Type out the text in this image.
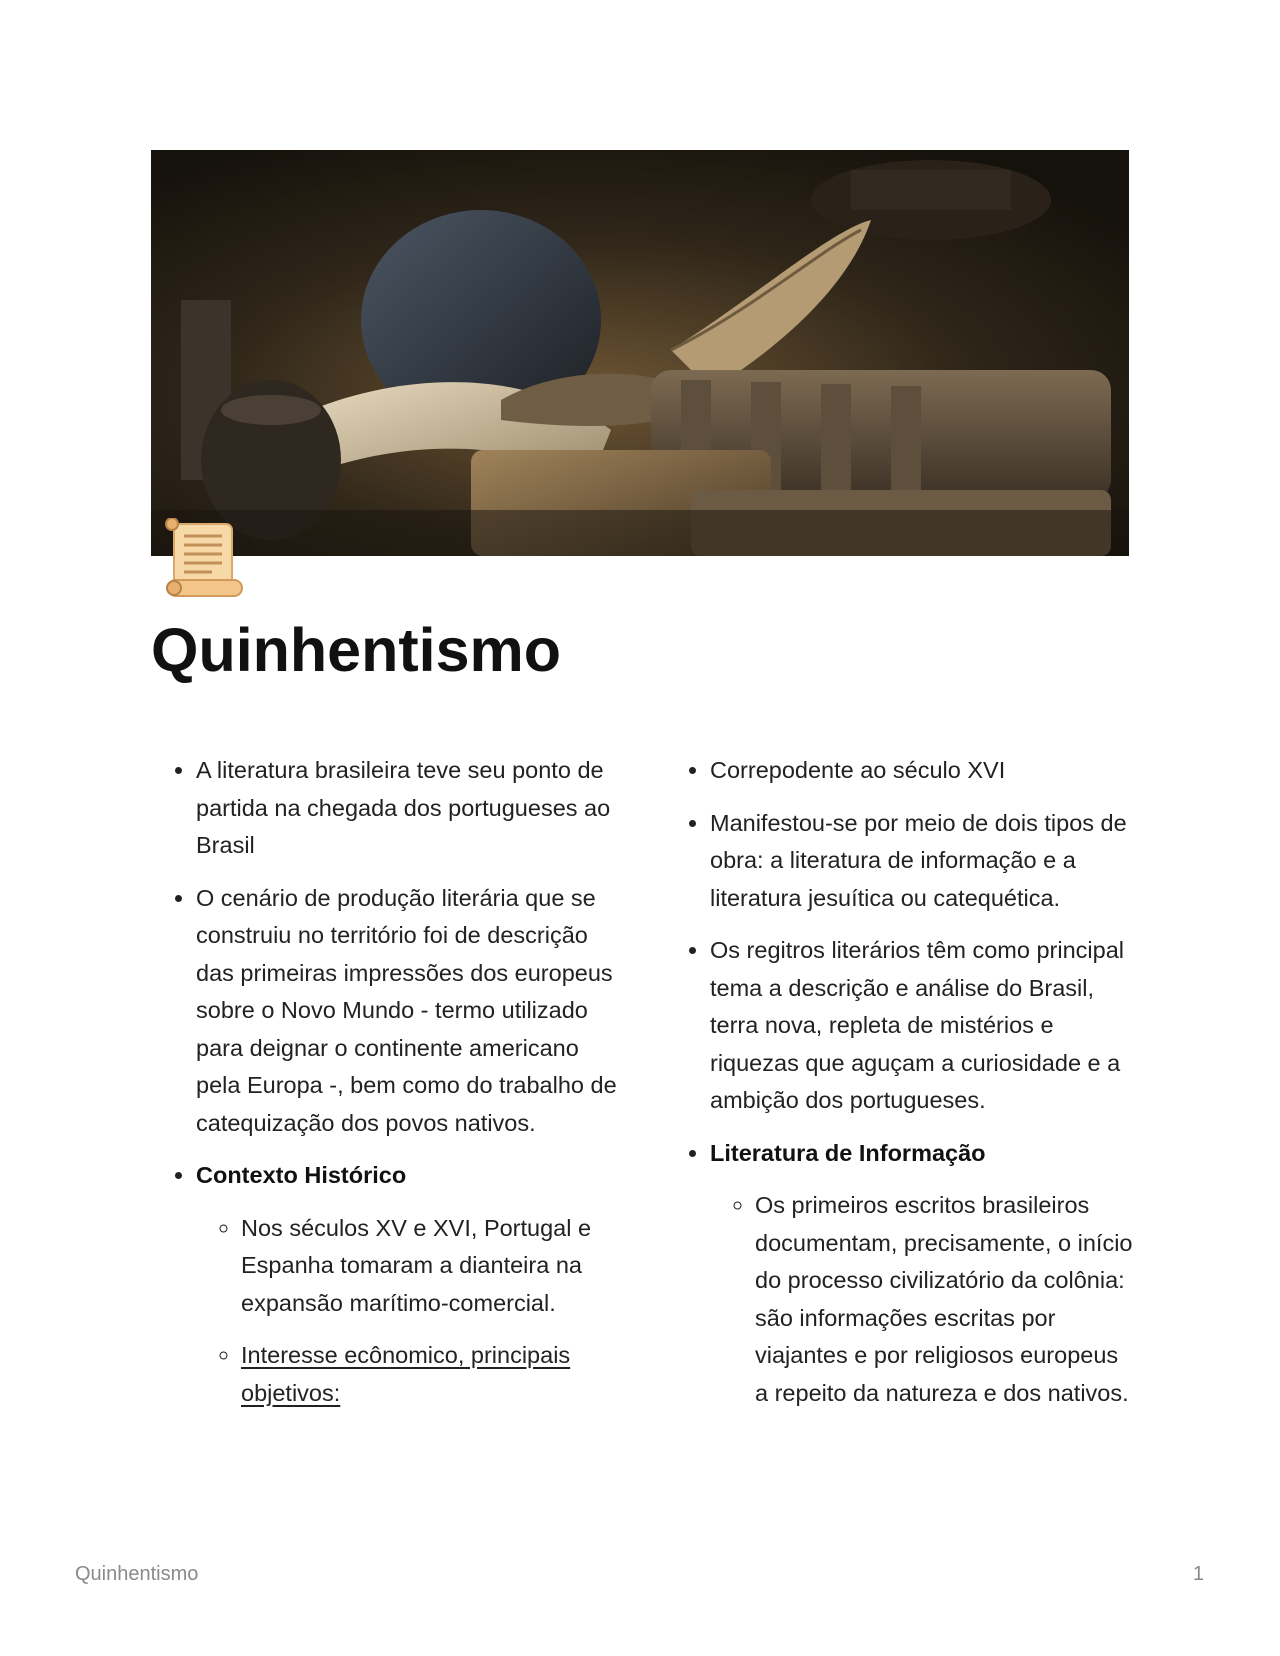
Quinhentismo
• A literatura brasileira teve seu ponto de partida na chegada dos portugueses ao Brasil
• O cenário de produção literária que se construiu no território foi de descrição das primeiras impressões dos europeus sobre o Novo Mundo - termo utilizado para deignar o continente americano pela Europa -, bem como do trabalho de catequização dos povos nativos.
• Contexto Histórico
◦ Nos séculos XV e XVI, Portugal e Espanha tomaram a dianteira na expansão marítimo-comercial.
◦ Interesse ecônomico, principais objetivos:
• Correpodente ao século XVI
• Manifestou-se por meio de dois tipos de obra: a literatura de informação e a literatura jesuítica ou catequética.
• Os regitros literários têm como principal tema a descrição e análise do Brasil, terra nova, repleta de mistérios e riquezas que aguçam a curiosidade e a ambição dos portugueses.
• Literatura de Informação
◦ Os primeiros escritos brasileiros documentam, precisamente, o início do processo civilizatório da colônia: são informações escritas por viajantes e por religiosos europeus a repeito da natureza e dos nativos.
Quinhentismo	1
